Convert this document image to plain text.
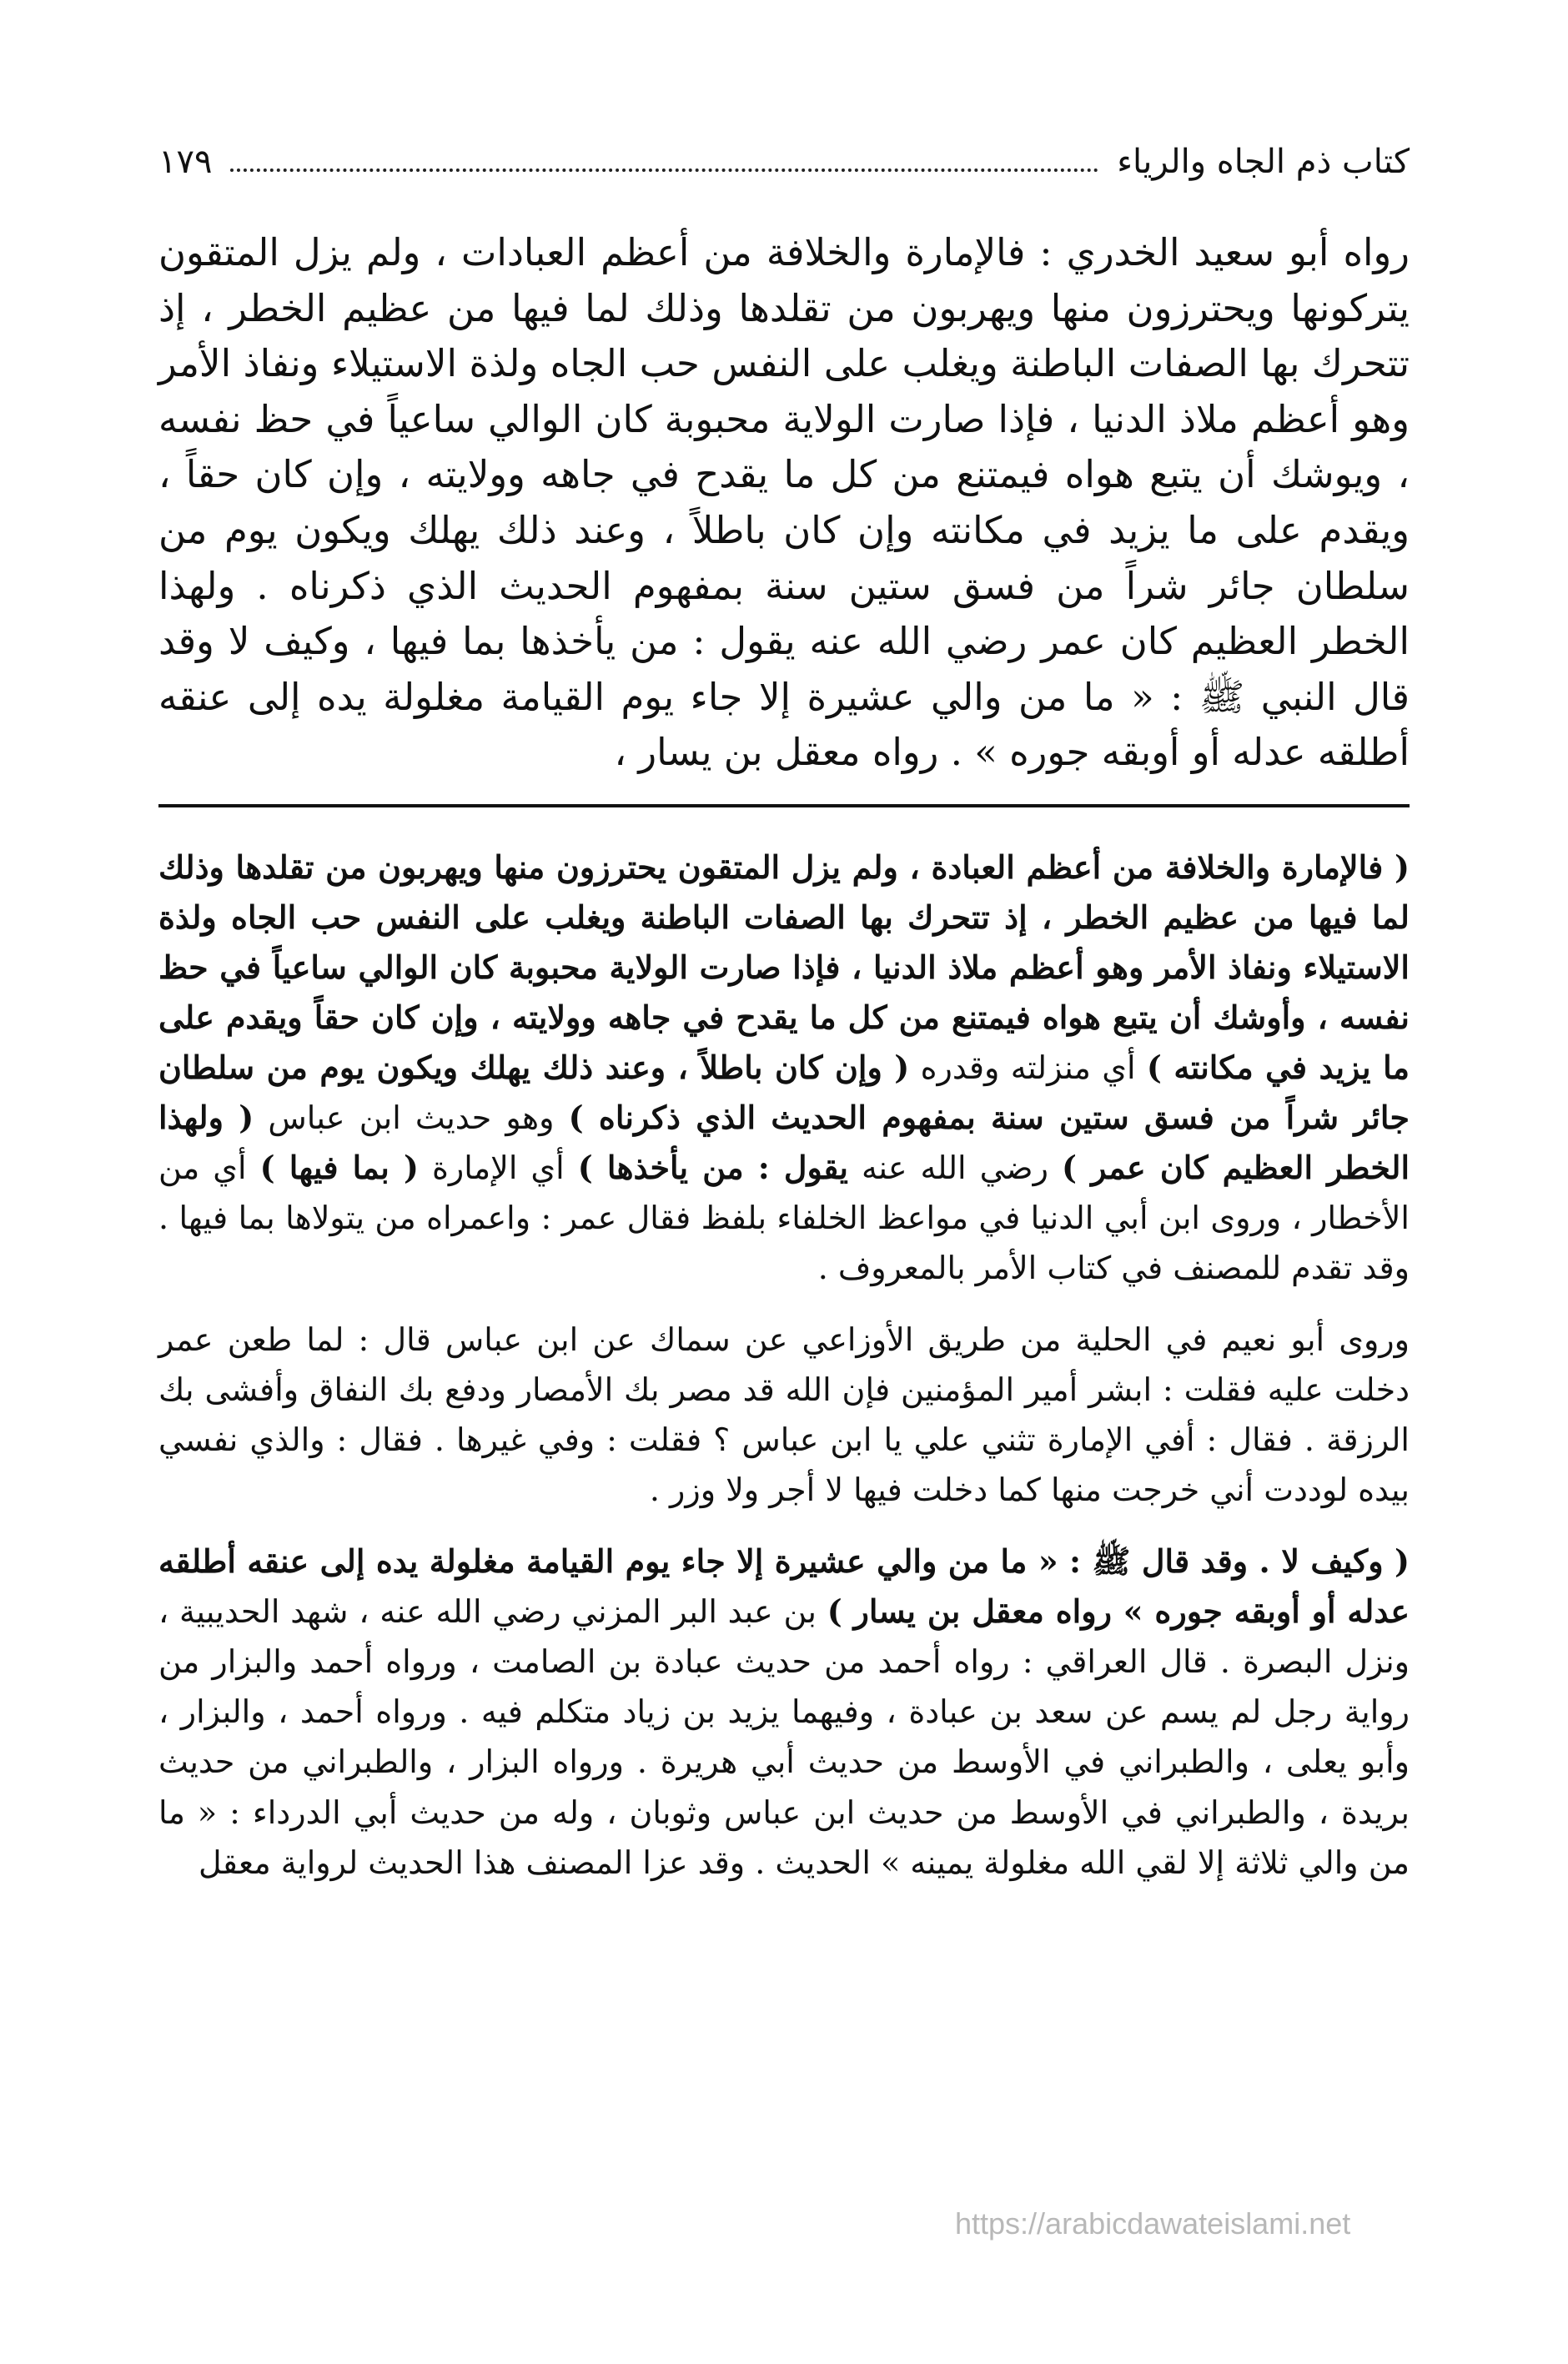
كتاب ذم الجاه والرياء
١٧٩
رواه أبو سعيد الخدري : فالإمارة والخلافة من أعظم العبادات ، ولم يزل المتقون يتركونها ويحترزون منها ويهربون من تقلدها وذلك لما فيها من عظيم الخطر ، إذ تتحرك بها الصفات الباطنة ويغلب على النفس حب الجاه ولذة الاستيلاء ونفاذ الأمر وهو أعظم ملاذ الدنيا ، فإذا صارت الولاية محبوبة كان الوالي ساعياً في حظ نفسه ، ويوشك أن يتبع هواه فيمتنع من كل ما يقدح في جاهه وولايته ، وإن كان حقاً ، ويقدم على ما يزيد في مكانته وإن كان باطلاً ، وعند ذلك يهلك ويكون يوم من سلطان جائر شراً من فسق ستين سنة بمفهوم الحديث الذي ذكرناه . ولهذا الخطر العظيم كان عمر رضي الله عنه يقول : من يأخذها بما فيها ، وكيف لا وقد قال النبي ﷺ : « ما من والي عشيرة إلا جاء يوم القيامة مغلولة يده إلى عنقه أطلقه عدله أو أوبقه جوره » . رواه معقل بن يسار ،

( فالإمارة والخلافة من أعظم العبادة ، ولم يزل المتقون يحترزون منها ويهربون من تقلدها وذلك لما فيها من عظيم الخطر ، إذ تتحرك بها الصفات الباطنة ويغلب على النفس حب الجاه ولذة الاستيلاء ونفاذ الأمر وهو أعظم ملاذ الدنيا ، فإذا صارت الولاية محبوبة كان الوالي ساعياً في حظ نفسه ، وأوشك أن يتبع هواه فيمتنع من كل ما يقدح في جاهه وولايته ، وإن كان حقاً ويقدم على ما يزيد في مكانته ) أي منزلته وقدره ( وإن كان باطلاً ، وعند ذلك يهلك ويكون يوم من سلطان جائر شراً من فسق ستين سنة بمفهوم الحديث الذي ذكرناه ) وهو حديث ابن عباس ( ولهذا الخطر العظيم كان عمر ) رضي الله عنه يقول : من يأخذها ) أي الإمارة ( بما فيها ) أي من الأخطار ، وروى ابن أبي الدنيا في مواعظ الخلفاء بلفظ فقال عمر : واعمراه من يتولاها بما فيها . وقد تقدم للمصنف في كتاب الأمر بالمعروف .

وروى أبو نعيم في الحلية من طريق الأوزاعي عن سماك عن ابن عباس قال : لما طعن عمر دخلت عليه فقلت : ابشر أمير المؤمنين فإن الله قد مصر بك الأمصار ودفع بك النفاق وأفشى بك الرزقة . فقال : أفي الإمارة تثني علي يا ابن عباس ؟ فقلت : وفي غيرها . فقال : والذي نفسي بيده لوددت أني خرجت منها كما دخلت فيها لا أجر ولا وزر .

( وكيف لا . وقد قال ﷺ : « ما من والي عشيرة إلا جاء يوم القيامة مغلولة يده إلى عنقه أطلقه عدله أو أوبقه جوره » رواه معقل بن يسار ) بن عبد البر المزني رضي الله عنه ، شهد الحديبية ، ونزل البصرة . قال العراقي : رواه أحمد من حديث عبادة بن الصامت ، ورواه أحمد والبزار من رواية رجل لم يسم عن سعد بن عبادة ، وفيهما يزيد بن زياد متكلم فيه . ورواه أحمد ، والبزار ، وأبو يعلى ، والطبراني في الأوسط من حديث أبي هريرة . ورواه البزار ، والطبراني من حديث بريدة ، والطبراني في الأوسط من حديث ابن عباس وثوبان ، وله من حديث أبي الدرداء : « ما من والي ثلاثة إلا لقي الله مغلولة يمينه » الحديث . وقد عزا المصنف هذا الحديث لرواية معقل

https://arabicdawateislami.net
